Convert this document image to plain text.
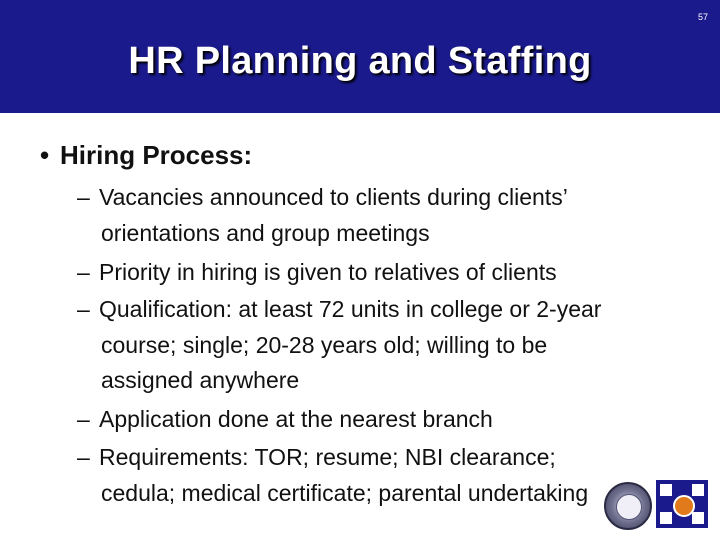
57
HR Planning and Staffing
• Hiring Process:
– Vacancies announced to clients during clients’
orientations and group meetings
– Priority in hiring is given to relatives of clients
– Qualification: at least 72 units in college or 2-year
course; single; 20-28 years old; willing to be
assigned anywhere
– Application done at the nearest branch
– Requirements: TOR; resume; NBI clearance;
cedula; medical certificate; parental undertaking
